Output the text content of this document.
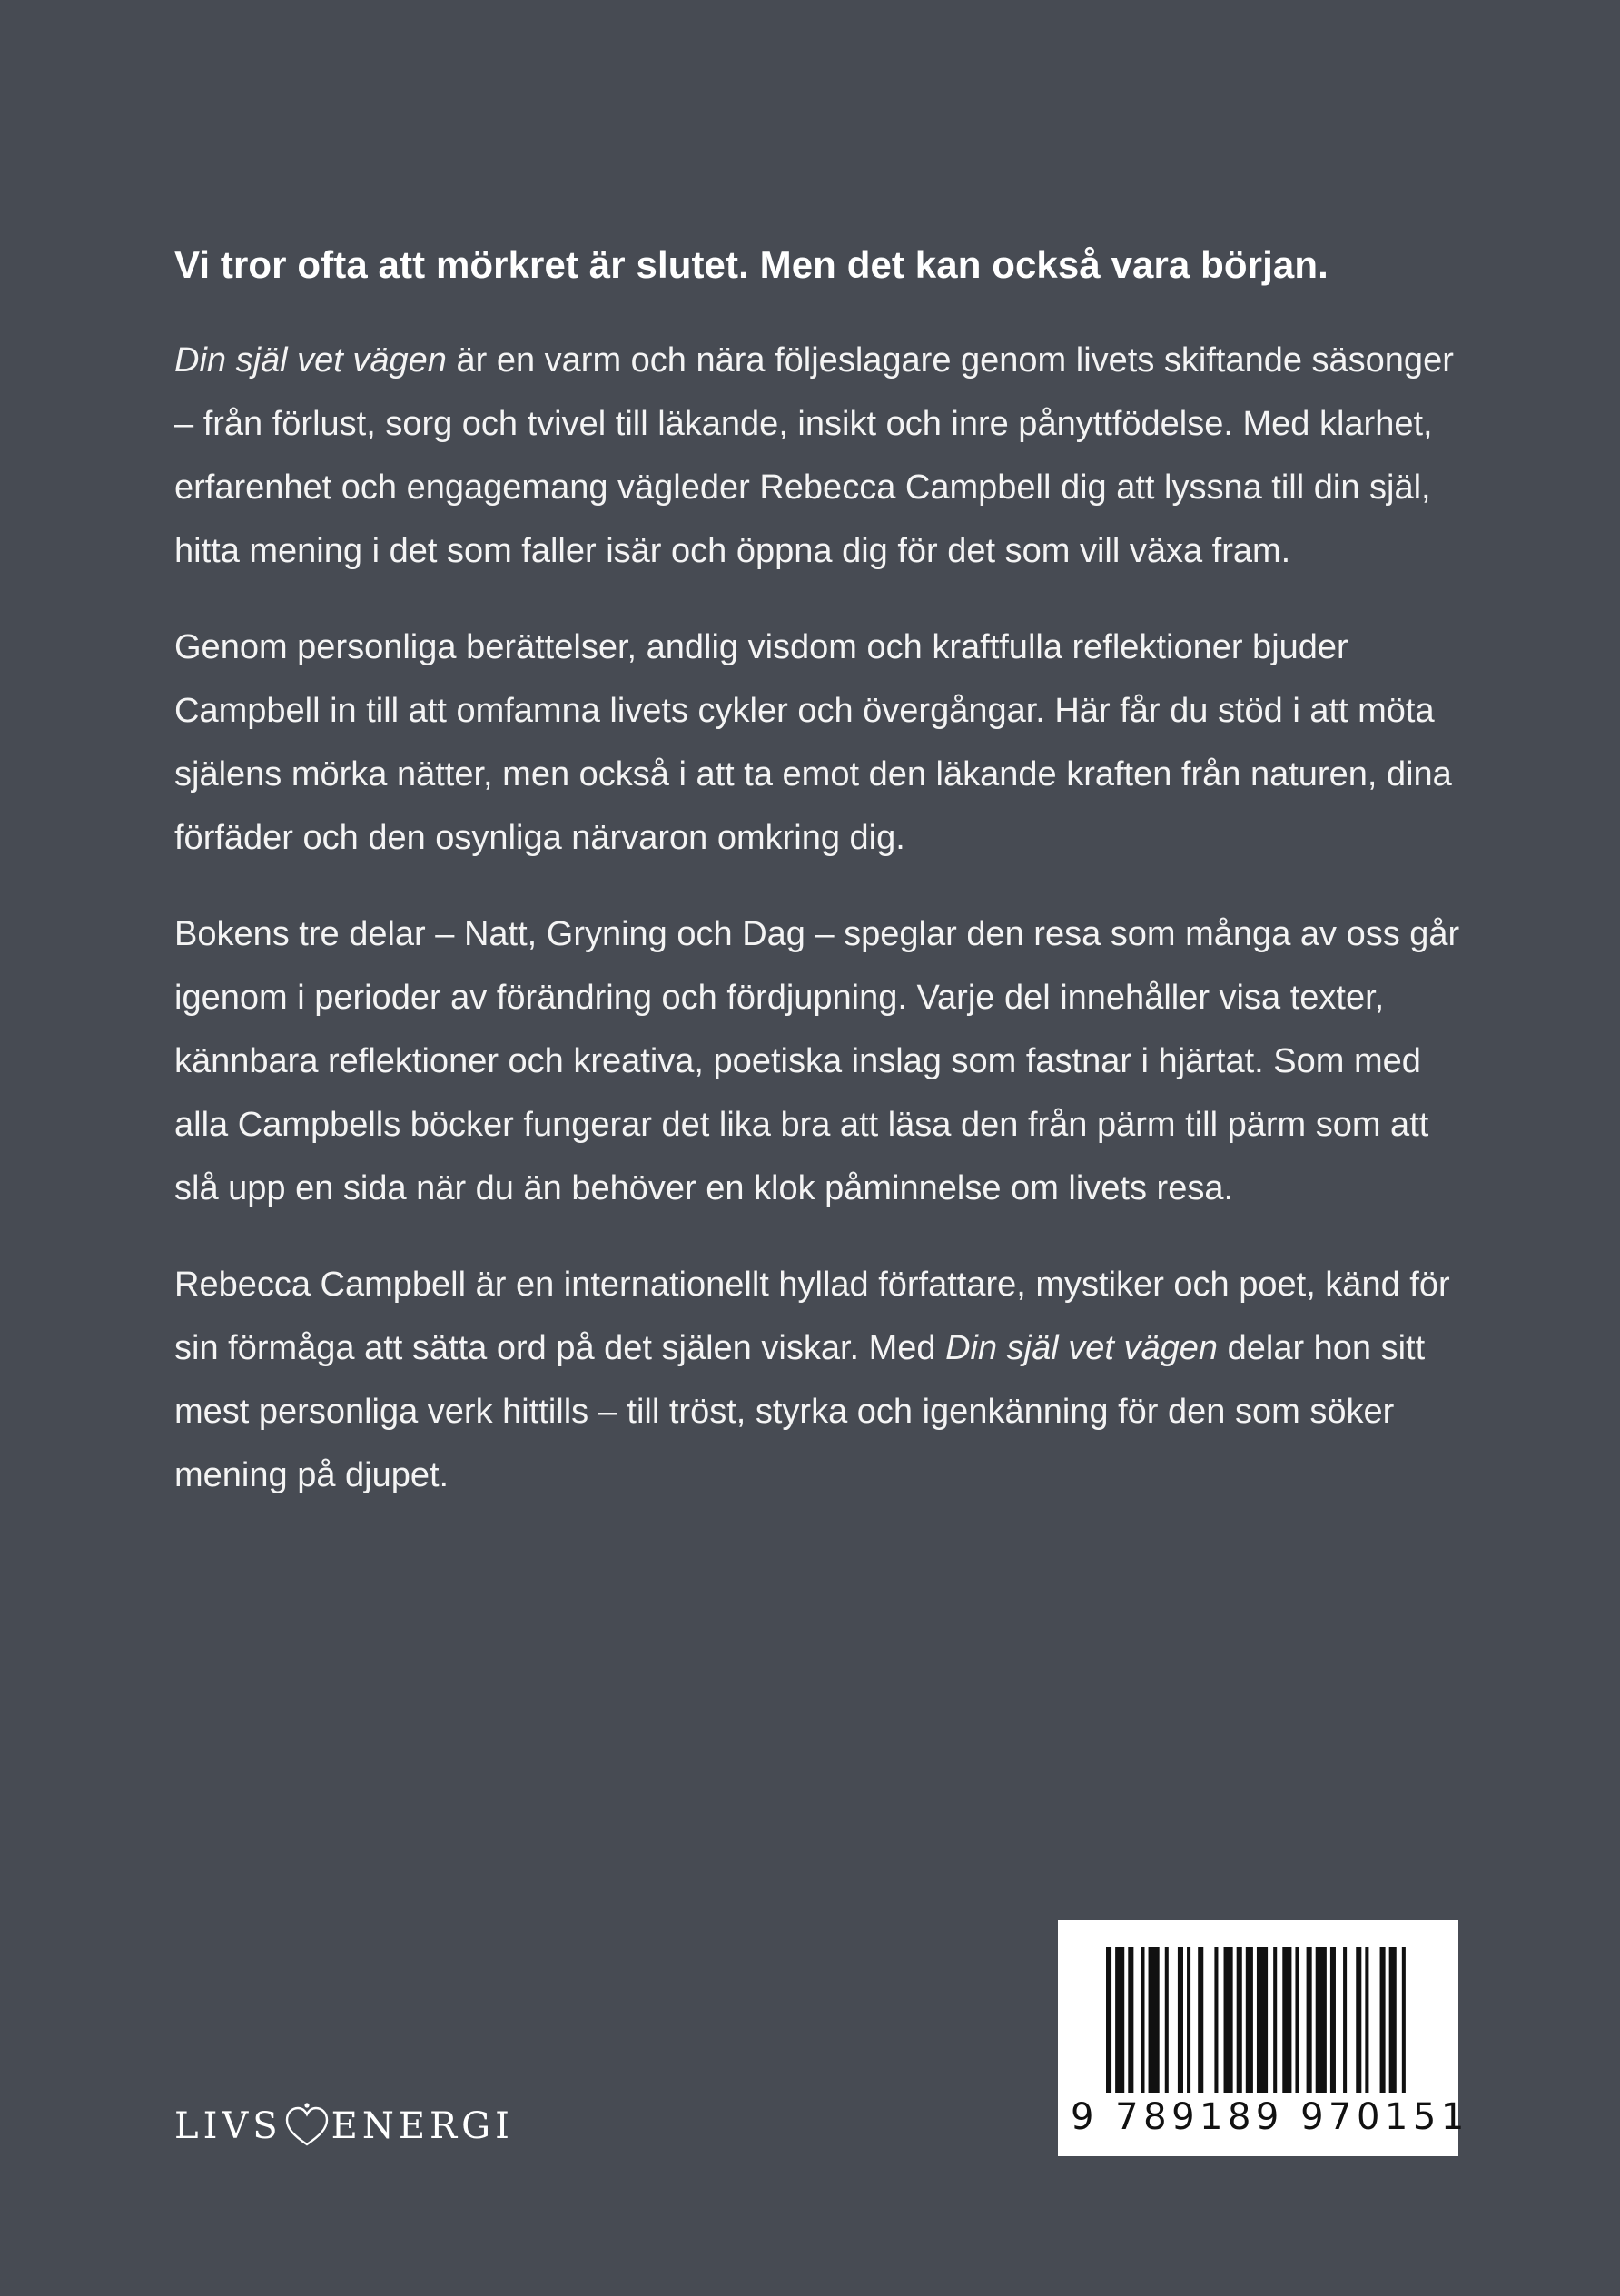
Vi tror ofta att mörkret är slutet. Men det kan också vara början.

Din själ vet vägen är en varm och nära följeslagare genom livets skiftande säsonger – från förlust, sorg och tvivel till läkande, insikt och inre pånyttfödelse. Med klarhet, erfarenhet och engagemang vägleder Rebecca Campbell dig att lyssna till din själ, hitta mening i det som faller isär och öppna dig för det som vill växa fram.

Genom personliga berättelser, andlig visdom och kraftfulla reflektioner bjuder Campbell in till att omfamna livets cykler och övergångar. Här får du stöd i att möta själens mörka nätter, men också i att ta emot den läkande kraften från naturen, dina förfäder och den osynliga närvaron omkring dig.

Bokens tre delar – Natt, Gryning och Dag – speglar den resa som många av oss går igenom i perioder av förändring och fördjupning. Varje del innehåller visa texter, kännbara reflektioner och kreativa, poetiska inslag som fastnar i hjärtat. Som med alla Campbells böcker fungerar det lika bra att läsa den från pärm till pärm som att slå upp en sida när du än behöver en klok påminnelse om livets resa.

Rebecca Campbell är en internationellt hyllad författare, mystiker och poet, känd för sin förmåga att sätta ord på det själen viskar. Med Din själ vet vägen delar hon sitt mest personliga verk hittills – till tröst, styrka och igenkänning för den som söker mening på djupet.

LIVS ENERGI	9 789189 970151
